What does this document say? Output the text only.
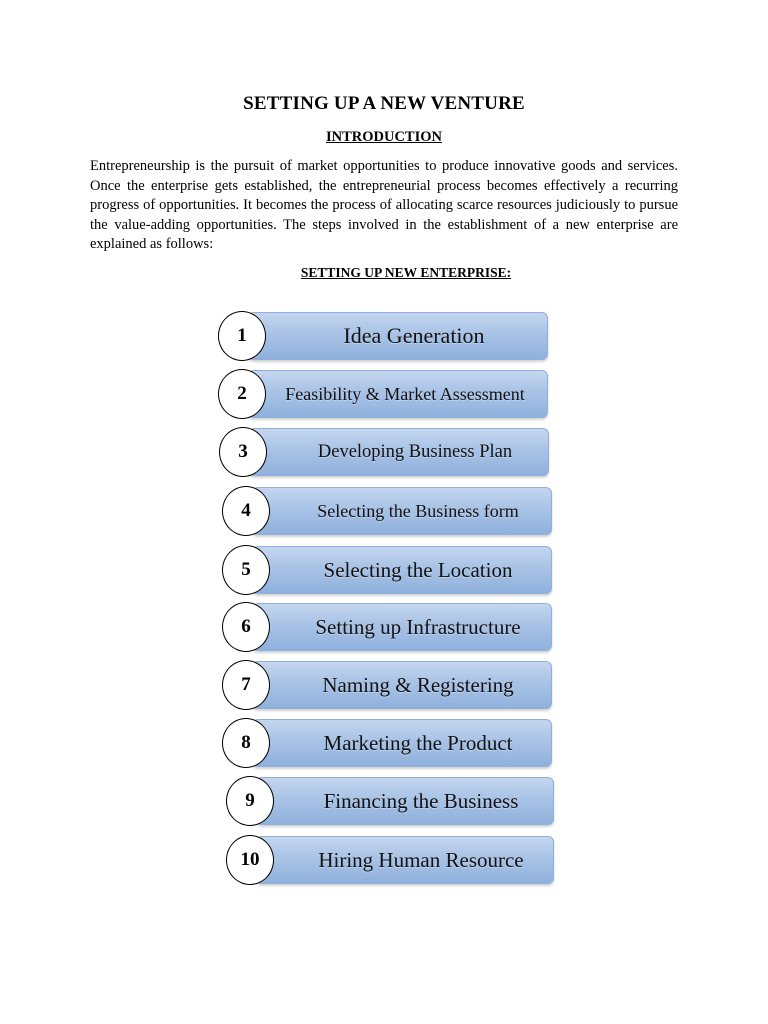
SETTING UP A NEW VENTURE
INTRODUCTION

Entrepreneurship is the pursuit of market opportunities to produce innovative goods and services. Once the enterprise gets established, the entrepreneurial process becomes effectively a recurring progress of opportunities. It becomes the process of allocating scarce resources judiciously to pursue the value-adding opportunities. The steps involved in the establishment of a new enterprise are explained as follows:

SETTING UP NEW ENTERPRISE:
Idea Generation
1
Feasibility & Market Assessment
2
Developing Business Plan
3
Selecting the Business form
4
Selecting the Location
5
Setting up Infrastructure
6
Naming & Registering
7
Marketing the Product
8
Financing the Business
9
Hiring Human Resource
10
